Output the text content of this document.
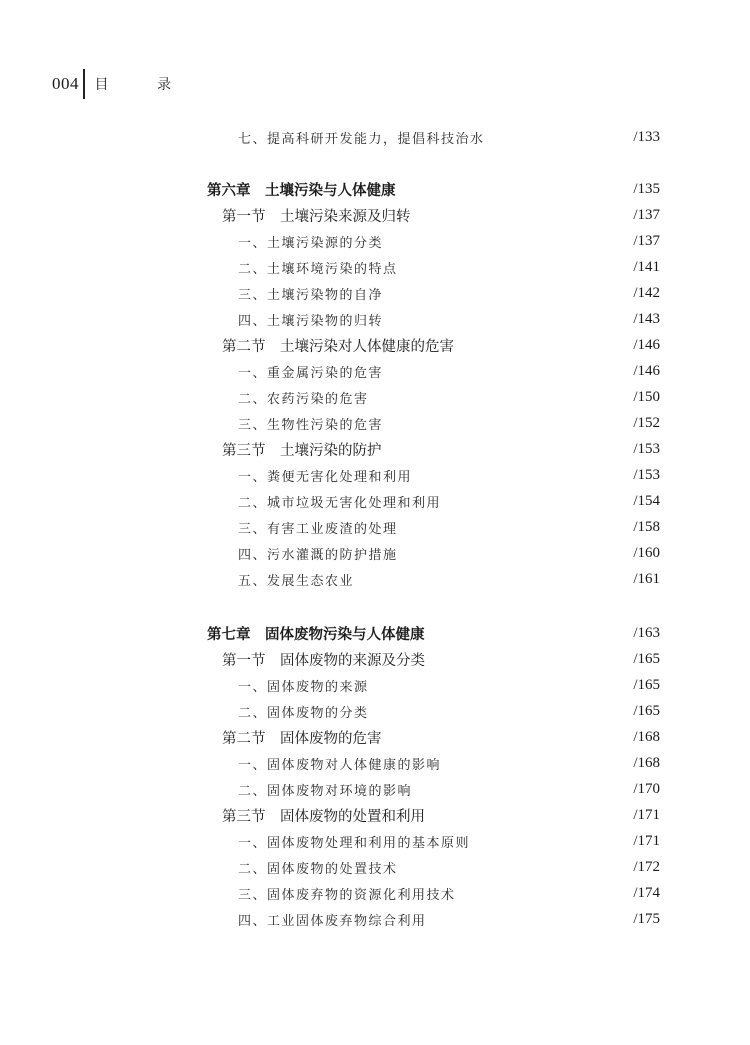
004 目 录
七、提高科研开发能力，提倡科技治水	/133
第六章　土壤污染与人体健康	/135
第一节　土壤污染来源及归转	/137
一、土壤污染源的分类	/137
二、土壤环境污染的特点	/141
三、土壤污染物的自净	/142
四、土壤污染物的归转	/143
第二节　土壤污染对人体健康的危害	/146
一、重金属污染的危害	/146
二、农药污染的危害	/150
三、生物性污染的危害	/152
第三节　土壤污染的防护	/153
一、粪便无害化处理和利用	/153
二、城市垃圾无害化处理和利用	/154
三、有害工业废渣的处理	/158
四、污水灌溉的防护措施	/160
五、发展生态农业	/161
第七章　固体废物污染与人体健康	/163
第一节　固体废物的来源及分类	/165
一、固体废物的来源	/165
二、固体废物的分类	/165
第二节　固体废物的危害	/168
一、固体废物对人体健康的影响	/168
二、固体废物对环境的影响	/170
第三节　固体废物的处置和利用	/171
一、固体废物处理和利用的基本原则	/171
二、固体废物的处置技术	/172
三、固体废弃物的资源化利用技术	/174
四、工业固体废弃物综合利用	/175
